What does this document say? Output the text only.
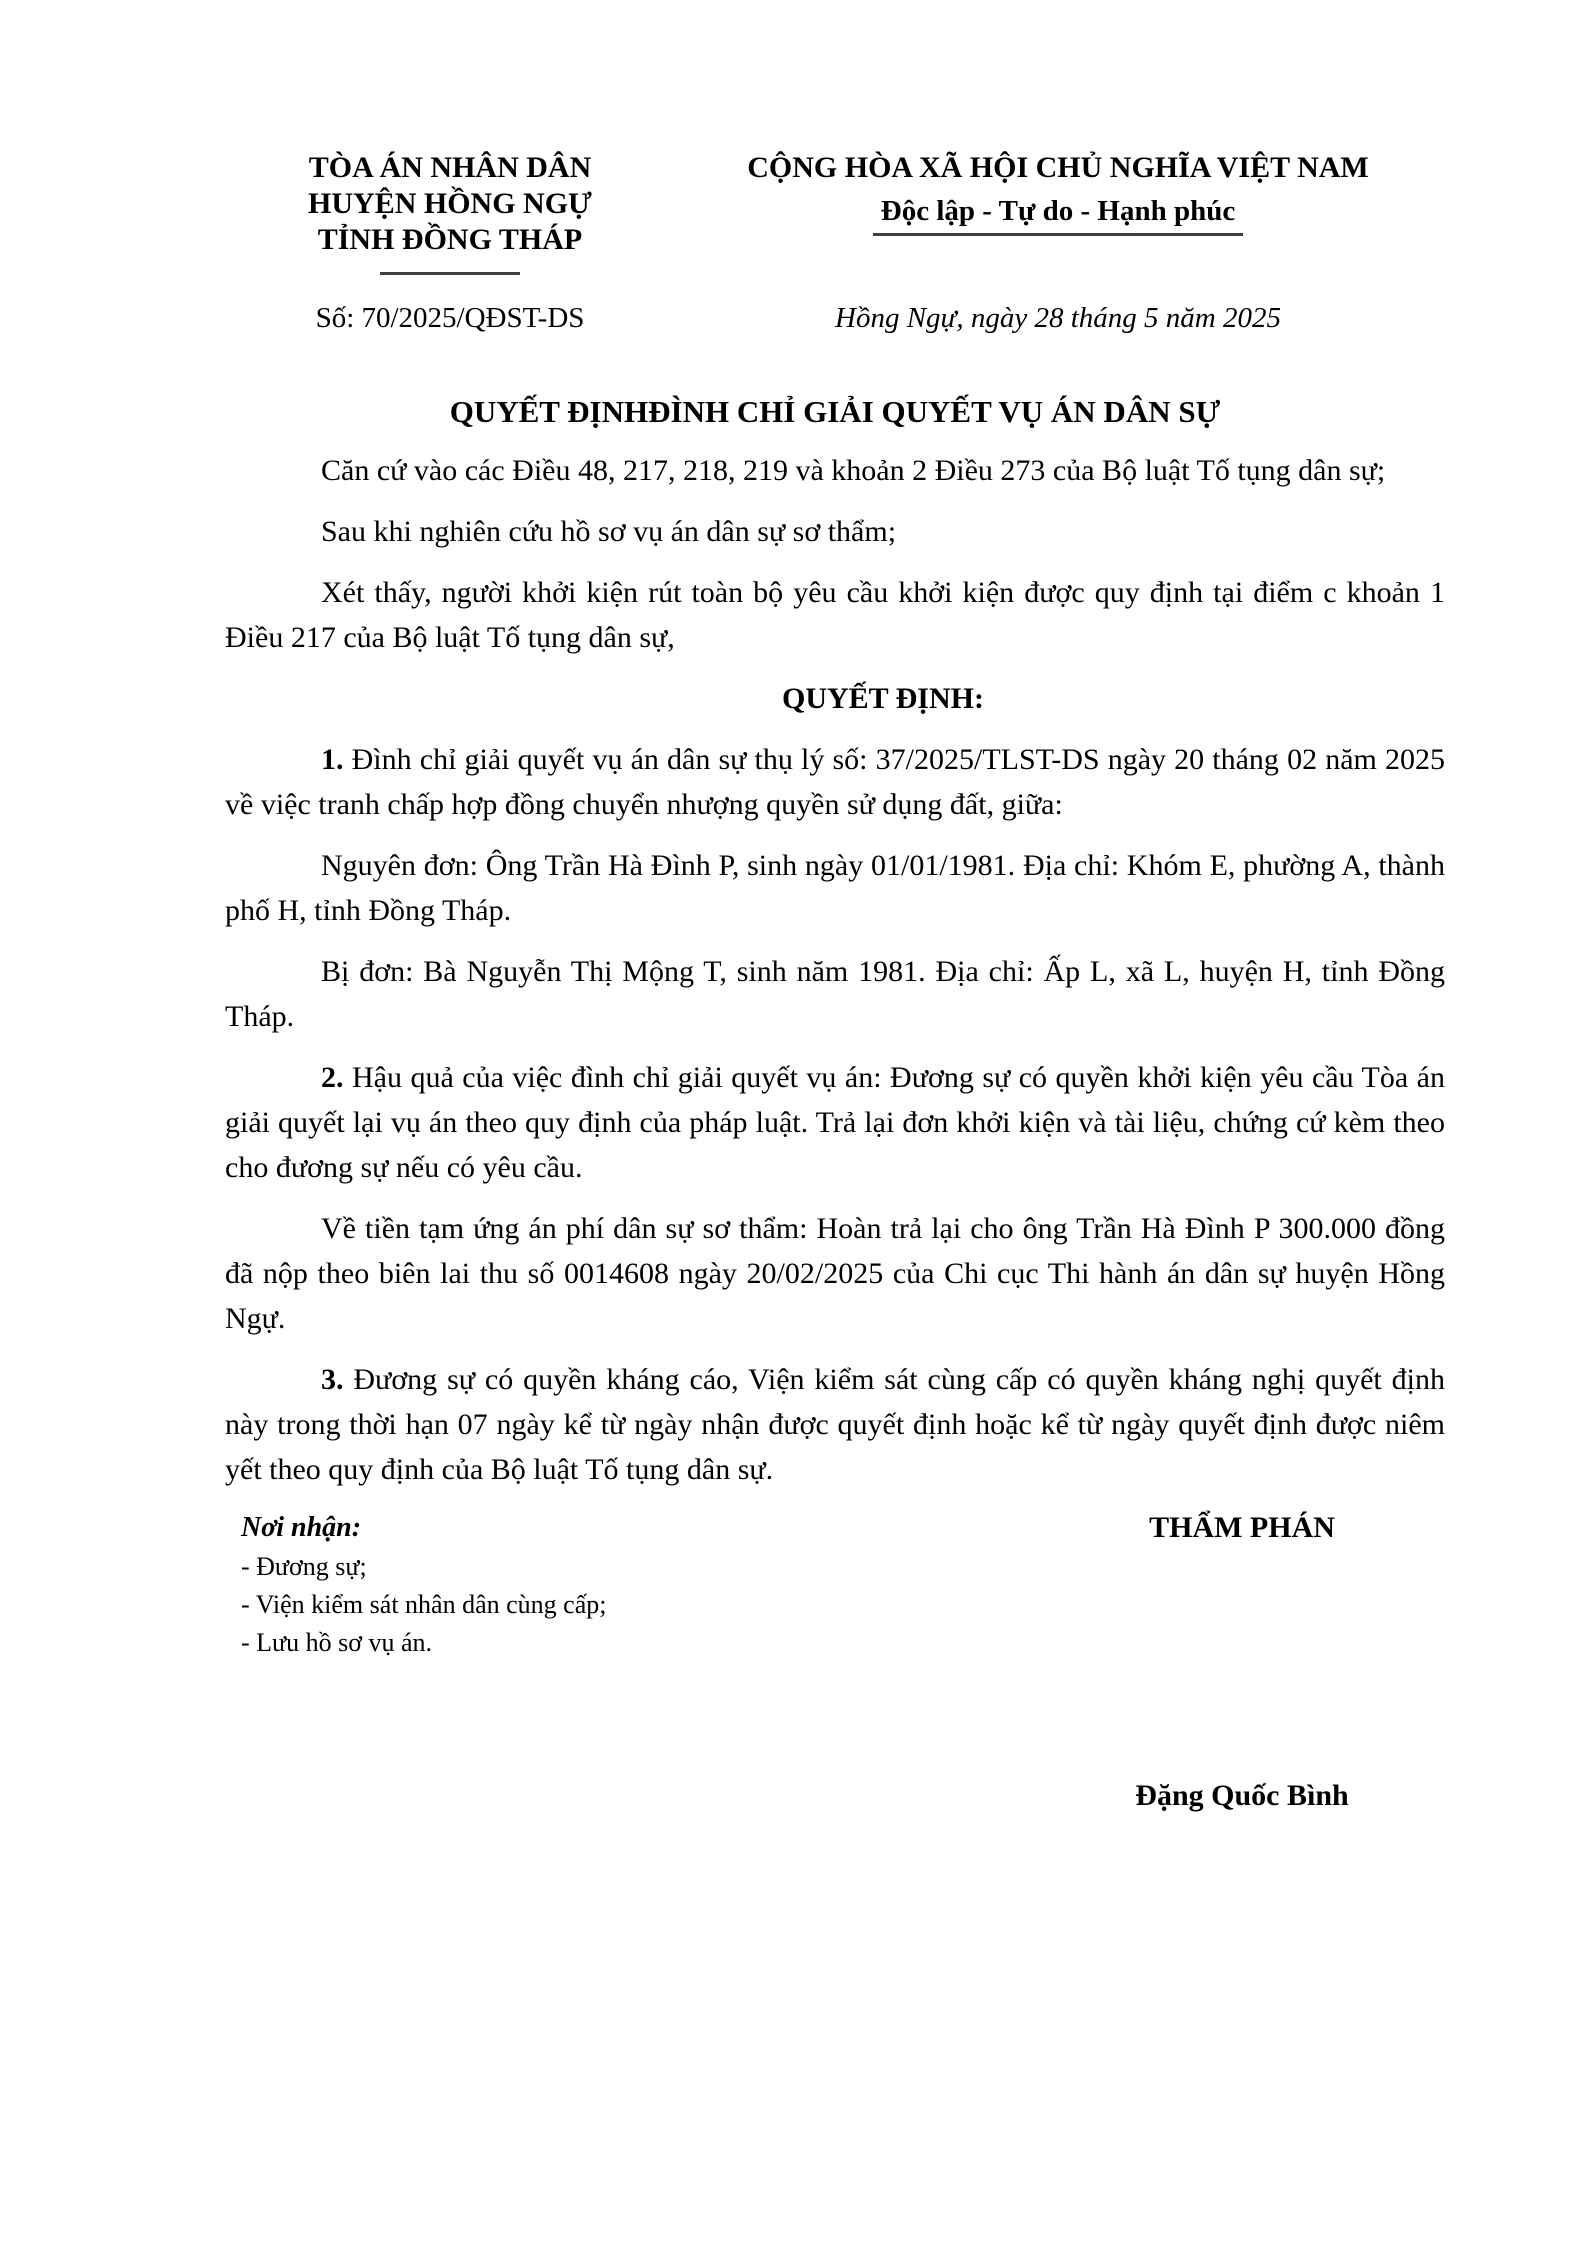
TÒA ÁN NHÂN DÂN
HUYỆN HỒNG NGỰ
TỈNH ĐỒNG THÁP
Số: 70/2025/QĐST-DS
CỘNG HÒA XÃ HỘI CHỦ NGHĨA VIỆT NAM
Độc lập - Tự do - Hạnh phúc
Hồng Ngự, ngày 28 tháng 5 năm 2025
QUYẾT ĐỊNHĐÌNH CHỈ GIẢI QUYẾT VỤ ÁN DÂN SỰ

Căn cứ vào các Điều 48, 217, 218, 219 và khoản 2 Điều 273 của Bộ luật Tố tụng dân sự;

Sau khi nghiên cứu hồ sơ vụ án dân sự sơ thẩm;

Xét thấy, người khởi kiện rút toàn bộ yêu cầu khởi kiện được quy định tại điểm c khoản 1 Điều 217 của Bộ luật Tố tụng dân sự,

QUYẾT ĐỊNH:

1. Đình chỉ giải quyết vụ án dân sự thụ lý số: 37/2025/TLST-DS ngày 20 tháng 02 năm 2025 về việc tranh chấp hợp đồng chuyển nhượng quyền sử dụng đất, giữa:

Nguyên đơn: Ông Trần Hà Đình P, sinh ngày 01/01/1981. Địa chỉ: Khóm E, phường A, thành phố H, tỉnh Đồng Tháp.

Bị đơn: Bà Nguyễn Thị Mộng T, sinh năm 1981. Địa chỉ: Ấp L, xã L, huyện H, tỉnh Đồng Tháp.

2. Hậu quả của việc đình chỉ giải quyết vụ án: Đương sự có quyền khởi kiện yêu cầu Tòa án giải quyết lại vụ án theo quy định của pháp luật. Trả lại đơn khởi kiện và tài liệu, chứng cứ kèm theo cho đương sự nếu có yêu cầu.

Về tiền tạm ứng án phí dân sự sơ thẩm: Hoàn trả lại cho ông Trần Hà Đình P 300.000 đồng đã nộp theo biên lai thu số 0014608 ngày 20/02/2025 của Chi cục Thi hành án dân sự huyện Hồng Ngự.

3. Đương sự có quyền kháng cáo, Viện kiểm sát cùng cấp có quyền kháng nghị quyết định này trong thời hạn 07 ngày kể từ ngày nhận được quyết định hoặc kể từ ngày quyết định được niêm yết theo quy định của Bộ luật Tố tụng dân sự.

Nơi nhận:
- Đương sự;
- Viện kiểm sát nhân dân cùng cấp;
- Lưu hồ sơ vụ án.
THẨM PHÁN
Đặng Quốc Bình
